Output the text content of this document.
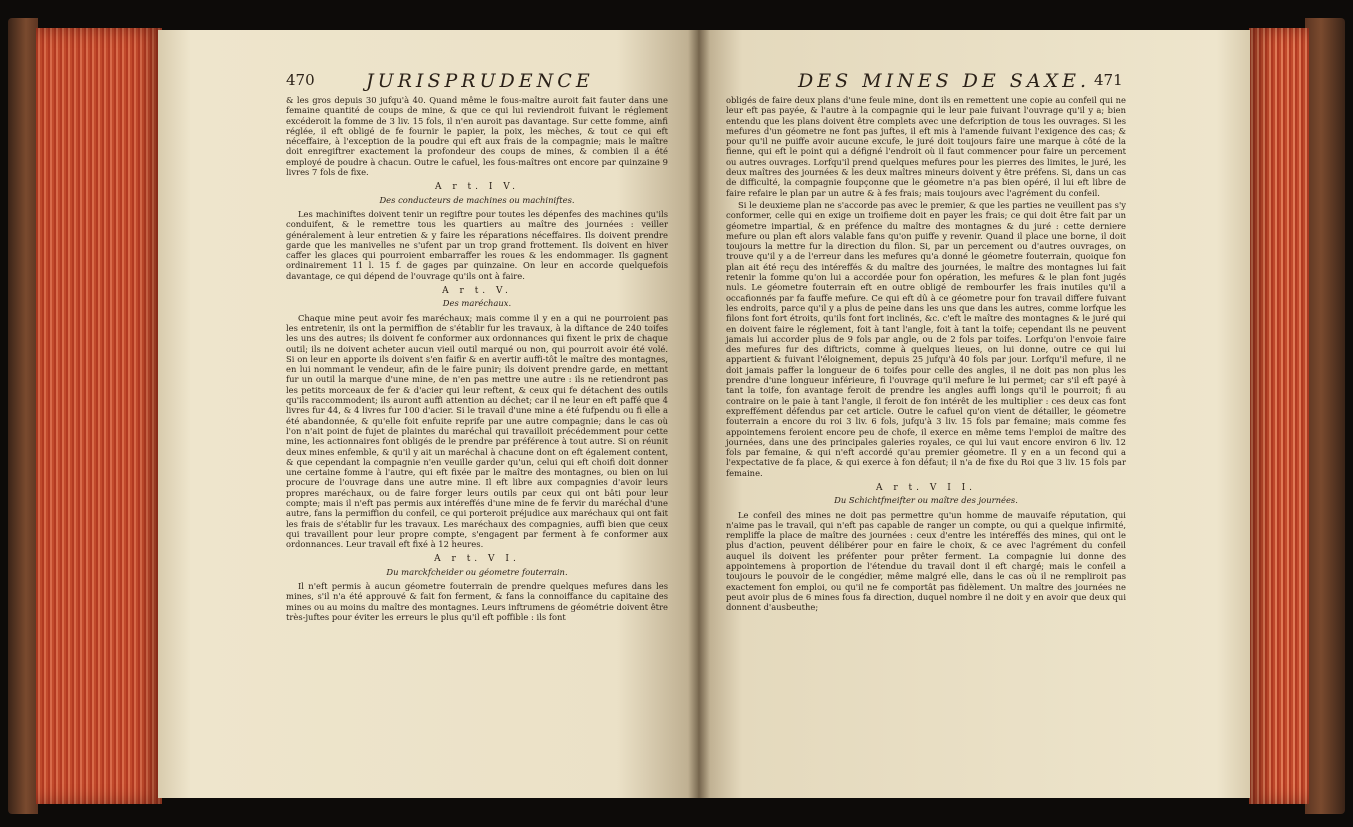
470	JURISPRUDENCE

& les gros depuis 30 jufqu'à 40. Quand même le fous-maître auroit fait fauter dans une femaine quantité de coups de mine, & que ce qui lui reviendroit fuivant le réglement excéderoit la fomme de 3 liv. 15 fols, il n'en auroit pas davantage. Sur cette fomme, ainfi réglée, il eft obligé de fe fournir le papier, la poix, les mèches, & tout ce qui eft néceffaire, à l'exception de la poudre qui eft aux frais de la compagnie; mais le maître doit enregiftrer exactement la profondeur des coups de mines, & combien il a été employé de poudre à chacun. Outre le cafuel, les fous-maîtres ont encore par quinzaine 9 livres 7 fols de fixe.

A r t. I V.
Des conducteurs de machines ou machiniftes.

Les machiniftes doivent tenir un regiftre pour toutes les dépenfes des machines qu'ils conduifent, & le remettre tous les quartiers au maître des journées : veiller généralement à leur entretien & y faire les réparations néceffaires. Ils doivent prendre garde que les manivelles ne s'ufent par un trop grand frottement. Ils doivent en hiver caffer les glaces qui pourroient embarraffer les roues & les endommager. Ils gagnent ordinairement 11 l. 15 f. de gages par quinzaine. On leur en accorde quelquefois davantage, ce qui dépend de l'ouvrage qu'ils ont à faire.

A r t. V.
Des maréchaux.

Chaque mine peut avoir fes maréchaux; mais comme il y en a qui ne pourroient pas les entretenir, ils ont la permiffion de s'établir fur les travaux, à la diftance de 240 toifes les uns des autres; ils doivent fe conformer aux ordonnances qui fixent le prix de chaque outil; ils ne doivent acheter aucun vieil outil marqué ou non, qui pourroit avoir été volé. Si on leur en apporte ils doivent s'en faifir & en avertir auffi-tôt le maître des montagnes, en lui nommant le vendeur, afin de le faire punir; ils doivent prendre garde, en mettant fur un outil la marque d'une mine, de n'en pas mettre une autre : ils ne retiendront pas les petits morceaux de fer & d'acier qui leur reftent, & ceux qui fe détachent des outils qu'ils raccommodent; ils auront auffi attention au déchet; car il ne leur en eft paffé que 4 livres fur 44, & 4 livres fur 100 d'acier. Si le travail d'une mine a été fufpendu ou fi elle a été abandonnée, & qu'elle foit enfuite reprife par une autre compagnie; dans le cas où l'on n'ait point de fujet de plaintes du maréchal qui travailloit précédemment pour cette mine, les actionnaires font obligés de le prendre par préférence à tout autre. Si on réunit deux mines enfemble, & qu'il y ait un maréchal à chacune dont on eft également content, & que cependant la compagnie n'en veuille garder qu'un, celui qui eft choifi doit donner une certaine fomme à l'autre, qui eft fixée par le maître des montagnes, ou bien on lui procure de l'ouvrage dans une autre mine. Il eft libre aux compagnies d'avoir leurs propres maréchaux, ou de faire forger leurs outils par ceux qui ont bâti pour leur compte; mais il n'eft pas permis aux intéreffés d'une mine de fe fervir du maréchal d'une autre, fans la permiffion du confeil, ce qui porteroit préjudice aux maréchaux qui ont fait les frais de s'établir fur les travaux. Les maréchaux des compagnies, auffi bien que ceux qui travaillent pour leur propre compte, s'engagent par ferment à fe conformer aux ordonnances. Leur travail eft fixé à 12 heures.

A r t. V I.
Du marckfcheider ou géometre fouterrain.

Il n'eft permis à aucun géometre fouterrain de prendre quelques mefures dans les mines, s'il n'a été approuvé & fait fon ferment, & fans la connoiffance du capitaine des mines ou au moins du maître des montagnes. Leurs inftrumens de géométrie doivent être très-juftes pour éviter les erreurs le plus qu'il eft poffible : ils font

DES MINES DE SAXE. 471

obligés de faire deux plans d'une feule mine, dont ils en remettent une copie au confeil qui ne leur eft pas payée, & l'autre à la compagnie qui le leur paie fuivant l'ouvrage qu'il y a; bien entendu que les plans doivent être complets avec une defcription de tous les ouvrages. Si les mefures d'un géometre ne font pas juftes, il eft mis à l'amende fuivant l'exigence des cas; & pour qu'il ne puiffe avoir aucune excufe, le juré doit toujours faire une marque à côté de la fienne, qui eft le point qui a défigné l'endroit où il faut commencer pour faire un percement ou autres ouvrages. Lorfqu'il prend quelques mefures pour les pierres des limites, le juré, les deux maîtres des journées & les deux maîtres mineurs doivent y être préfens. Si, dans un cas de difficulté, la compagnie foupçonne que le géometre n'a pas bien opéré, il lui eft libre de faire refaire le plan par un autre & à fes frais; mais toujours avec l'agrément du confeil.

Si le deuxieme plan ne s'accorde pas avec le premier, & que les parties ne veuillent pas s'y conformer, celle qui en exige un troifieme doit en payer les frais; ce qui doit être fait par un géometre impartial, & en préfence du maître des montagnes & du juré : cette derniere mefure ou plan eft alors valable fans qu'on puiffe y revenir. Quand il place une borne, il doit toujours la mettre fur la direction du filon. Si, par un percement ou d'autres ouvrages, on trouve qu'il y a de l'erreur dans les mefures qu'a donné le géometre fouterrain, quoique fon plan ait été reçu des intéreffés & du maître des journées, le maître des montagnes lui fait retenir la fomme qu'on lui a accordée pour fon opération, les mefures & le plan font jugés nuls. Le géometre fouterrain eft en outre obligé de rembourfer les frais inutiles qu'il a occafionnés par fa fauffe mefure. Ce qui eft dû à ce géometre pour fon travail differe fuivant les endroits, parce qu'il y a plus de peine dans les uns que dans les autres, comme lorfque les filons font fort étroits, qu'ils font fort inclinés, &c. c'eft le maître des montagnes & le juré qui en doivent faire le réglement, foit à tant l'angle, foit à tant la toife; cependant ils ne peuvent jamais lui accorder plus de 9 fols par angle, ou de 2 fols par toifes. Lorfqu'on l'envoie faire des mefures fur des diftricts, comme à quelques lieues, on lui donne, outre ce qui lui appartient & fuivant l'éloignement, depuis 25 jufqu'à 40 fols par jour. Lorfqu'il mefure, il ne doit jamais paffer la longueur de 6 toifes pour celle des angles, il ne doit pas non plus les prendre d'une longueur inférieure, fi l'ouvrage qu'il mefure le lui permet; car s'il eft payé à tant la toife, fon avantage feroit de prendre les angles auffi longs qu'il le pourroit; fi au contraire on le paie à tant l'angle, il feroit de fon intérêt de les multiplier : ces deux cas font expreffément défendus par cet article. Outre le cafuel qu'on vient de détailler, le géometre fouterrain a encore du roi 3 liv. 6 fols, jufqu'à 3 liv. 15 fols par femaine; mais comme fes appointemens feroient encore peu de chofe, il exerce en même tems l'emploi de maître des journées, dans une des principales galeries royales, ce qui lui vaut encore environ 6 liv. 12 fols par femaine, & qui n'eft accordé qu'au premier géometre. Il y en a un fecond qui a l'expectative de fa place, & qui exerce à fon défaut; il n'a de fixe du Roi que 3 liv. 15 fols par femaine.

A r t. V I I.
Du Schichtfmeifter ou maître des journées.

Le confeil des mines ne doit pas permettre qu'un homme de mauvaife réputation, qui n'aime pas le travail, qui n'eft pas capable de ranger un compte, ou qui a quelque infirmité, rempliffe la place de maître des journées : ceux d'entre les intéreffés des mines, qui ont le plus d'action, peuvent délibérer pour en faire le choix, & ce avec l'agrément du confeil auquel ils doivent les préfenter pour prêter ferment. La compagnie lui donne des appointemens à proportion de l'étendue du travail dont il eft chargé; mais le confeil a toujours le pouvoir de le congédier, même malgré elle, dans le cas où il ne rempliroit pas exactement fon emploi, ou qu'il ne fe comportât pas fidèlement. Un maître des journées ne peut avoir plus de 6 mines fous fa direction, duquel nombre il ne doit y en avoir que deux qui donnent d'ausbeuthe;
